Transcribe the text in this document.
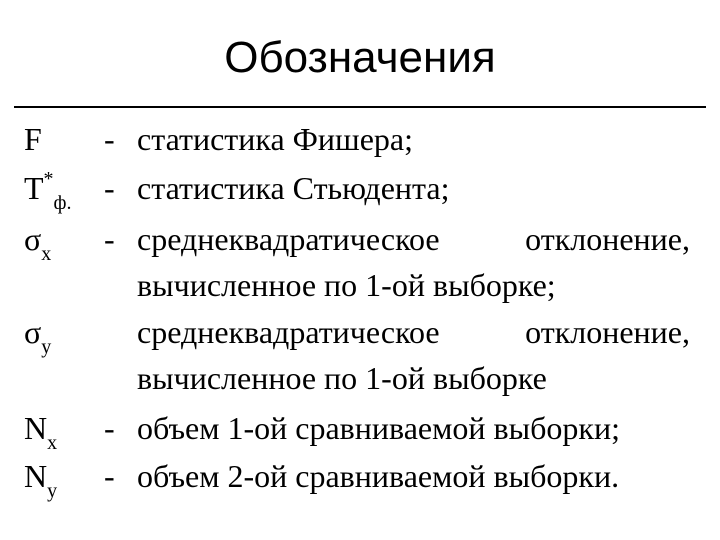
Обозначения
F - статистика Фишера;
$T^*_{ф.}$ - статистика Стьюдента;
$\sigma_x$ - среднеквадратическое отклонение,
вычисленное по 1-ой выборке;
$\sigma_y$	среднеквадратическое отклонение,
вычисленное по 1-ой выборке
$N_x$ - объем 1-ой сравниваемой выборки;
$N_y$ - объем 2-ой сравниваемой выборки.
